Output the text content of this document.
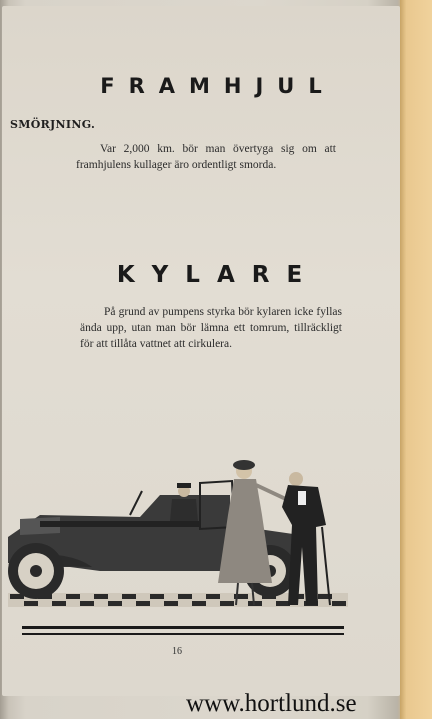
FRAMHJUL
SMÖRJNING.
Var 2,000 km. bör man övertyga sig om att framhjulens kullager äro ordentligt smorda.
KYLARE
På grund av pumpens styrka bör kylaren icke fyllas ända upp, utan man bör lämna ett tomrum, tillräckligt för att tillåta vattnet att cirkulera.
16
www.hortlund.se
